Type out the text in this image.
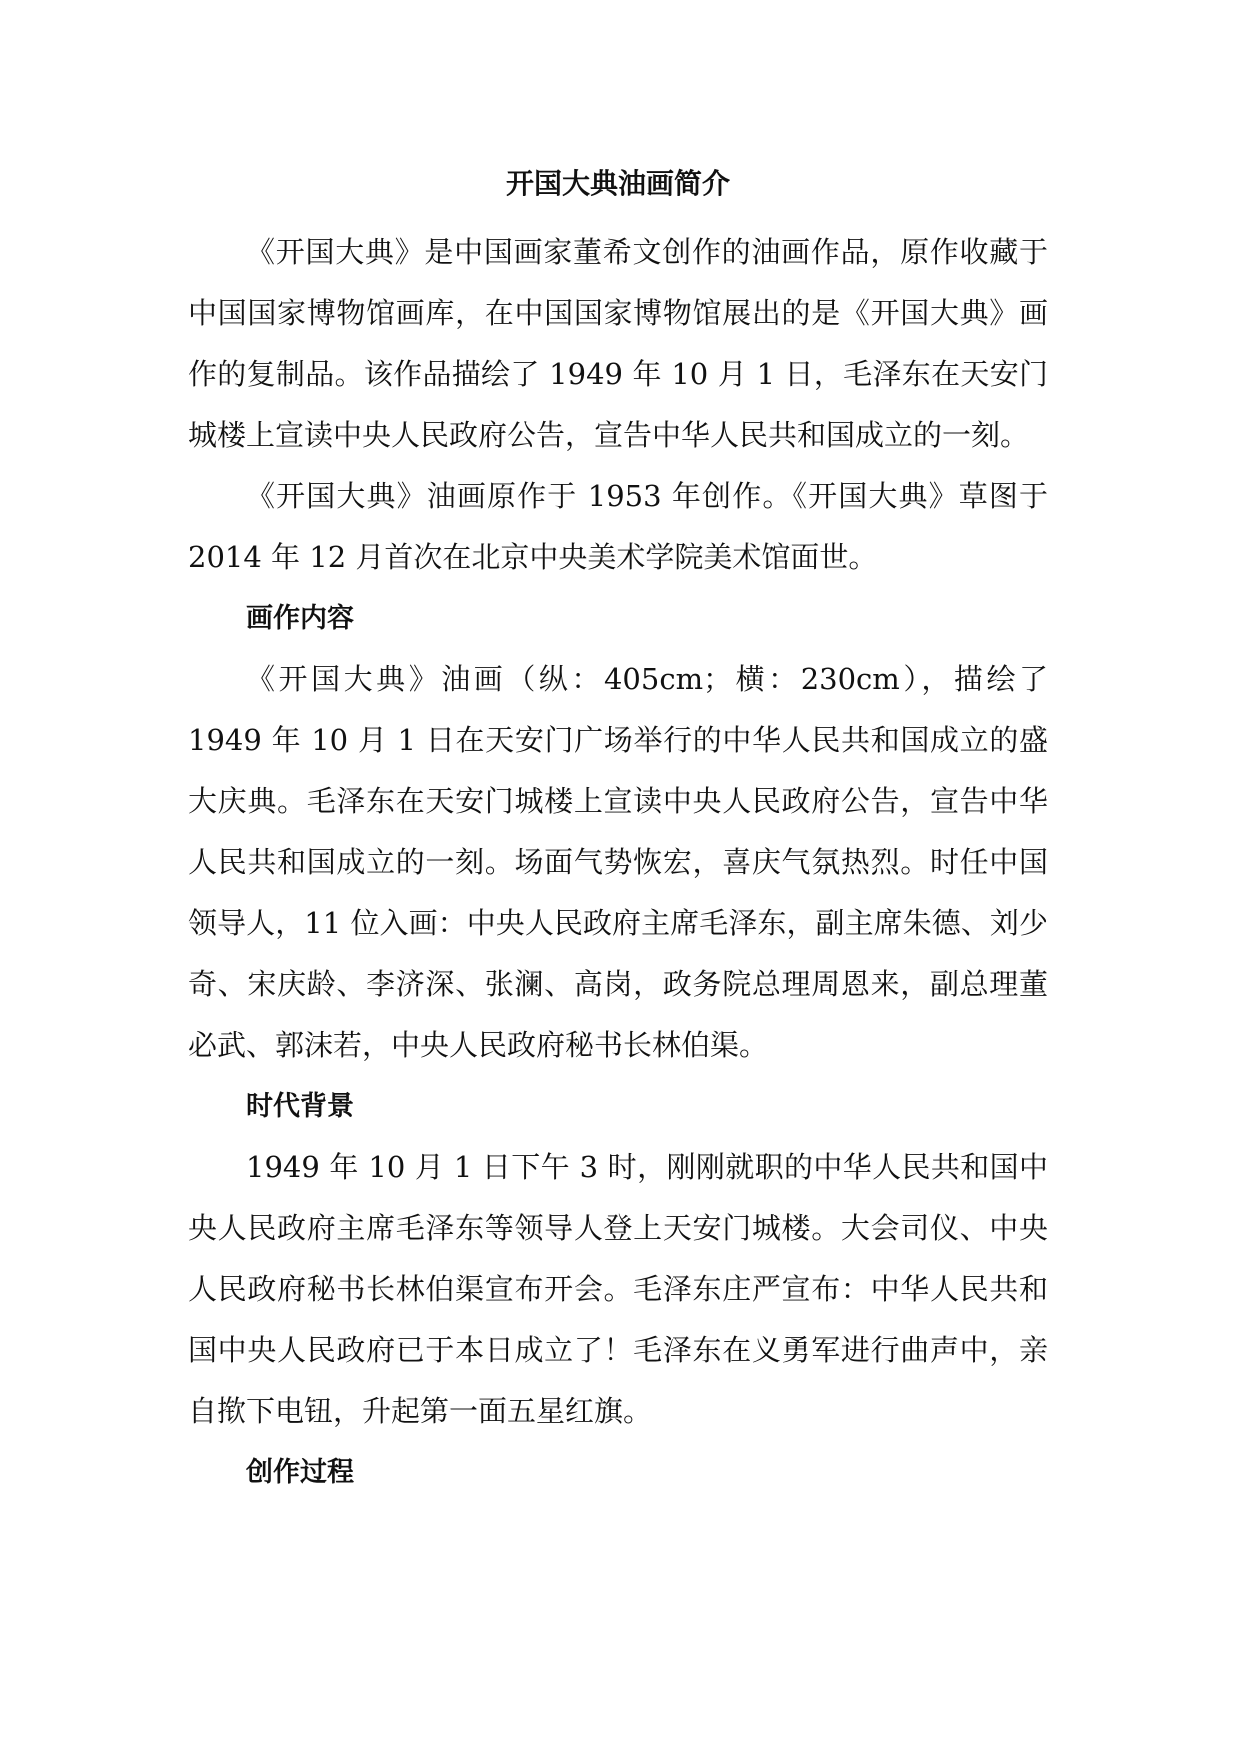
开国大典油画简介

《开国大典》是中国画家董希文创作的油画作品，原作收藏于中国国家博物馆画库，在中国国家博物馆展出的是《开国大典》画作的复制品。该作品描绘了 1949 年 10 月 1 日，毛泽东在天安门城楼上宣读中央人民政府公告，宣告中华人民共和国成立的一刻。

《开国大典》油画原作于 1953 年创作。《开国大典》草图于 2014 年 12 月首次在北京中央美术学院美术馆面世。

画作内容

《开国大典》油画（纵：405cm；横：230cm），描绘了 1949 年 10 月 1 日在天安门广场举行的中华人民共和国成立的盛大庆典。毛泽东在天安门城楼上宣读中央人民政府公告，宣告中华人民共和国成立的一刻。场面气势恢宏，喜庆气氛热烈。时任中国领导人，11 位入画：中央人民政府主席毛泽东，副主席朱德、刘少奇、宋庆龄、李济深、张澜、高岗，政务院总理周恩来，副总理董必武、郭沫若，中央人民政府秘书长林伯渠。

时代背景

1949 年 10 月 1 日下午 3 时，刚刚就职的中华人民共和国中央人民政府主席毛泽东等领导人登上天安门城楼。大会司仪、中央人民政府秘书长林伯渠宣布开会。毛泽东庄严宣布：中华人民共和国中央人民政府已于本日成立了！毛泽东在义勇军进行曲声中，亲自揿下电钮，升起第一面五星红旗。

创作过程
